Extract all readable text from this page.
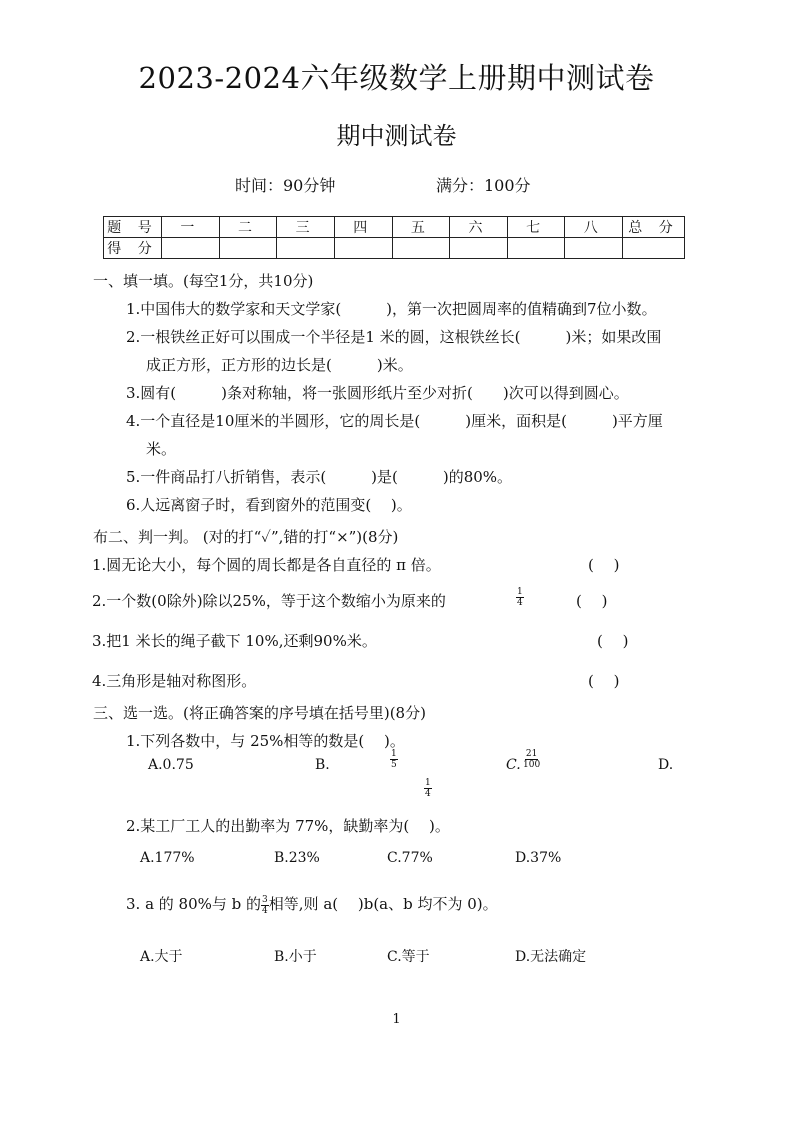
2023-2024六年级数学上册期中测试卷
期中测试卷
时间：90分钟	满分：100分
题 号	一	二	三	四	五	六	七	八	总 分
得 分									
一、填一填。(每空1分，共10分)
1.中国伟大的数学家和天文学家(　　　)，第一次把圆周率的值精确到7位小数。
2.一根铁丝正好可以围成一个半径是1 米的圆，这根铁丝长(　　　)米；如果改围
成正方形，正方形的边长是(　　　)米。
3.圆有(　　　)条对称轴，将一张圆形纸片至少对折(　　)次可以得到圆心。
4.一个直径是10厘米的半圆形，它的周长是(　　　)厘米，面积是(　　　)平方厘
米。
5.一件商品打八折销售，表示(　　　)是(　　　)的80%。
6.人远离窗子时，看到窗外的范围变(　 )。
布二、判一判。 (对的打“✓”,错的打“×”)(8分)
1.圆无论大小，每个圆的周长都是各自直径的 π 倍。	(　 )
2.一个数(0除外)除以25%，等于这个数缩小为原来的	$\frac{1}{4}$	(　 )
3.把1 米长的绳子截下 10%,还剩90%米。	(　 )
4.三角形是轴对称图形。	(　 )
三、选一选。(将正确答案的序号填在括号里)(8分)
1.下列各数中，与 25%相等的数是(　 )。
A.0.75	B.	$\frac{1}{5}$	C. $\frac{21}{100}$	D.
$\frac{1}{4}$
2.某工厂工人的出勤率为 77%，缺勤率为(　 )。
A.177%	B.23%	C.77%	D.37%
3. a 的 80%与 b 的 $\frac{3}{4}$ 相等,则 a(　 )b(a、b 均不为 0)。
A.大于	B.小于	C.等于	D.无法确定
1
